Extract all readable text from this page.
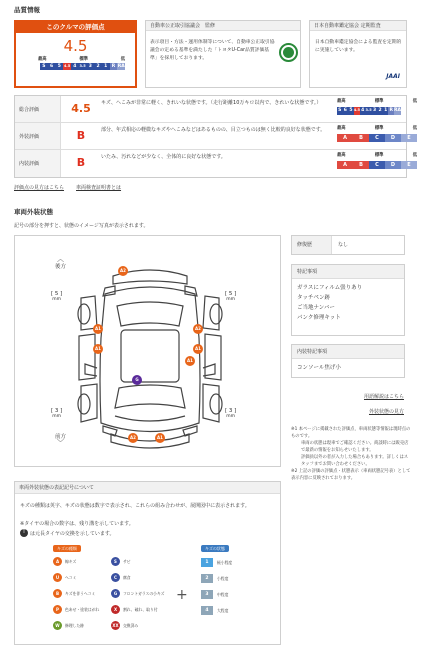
品質情報
このクルマの評価点
4.5
最高	標準	低
S	6	5 4.5 4 3.5 3	2	1 R RA
自動車公正取引協議会　監修
表示項目・方法・運用体制等について、自動車公正取引協議会の定める基準を満たした「トヨタU-Car品質評価基準」を採用しております。
日本自動車鑑定協会 定期監査
日本自動車鑑定協会による監査を定期的に実施しています。
JAAI
総合評価	4.5	キズ、へこみが非常に軽く、きれいな状態です。（走行距離10万キロ以内で、きれいな状態です。）	最高	標準	低
S 6 5 4.5 4 3.5 3 2 1 R RA
外装評価	B	部分、年式相応の軽微なキズやへこみなどはあるものの、目立つものは無く比較的良好な状態です。	最高	標準	低
A	B	C	D	E
内装評価	B	いたみ、汚れなどが少なく、全体的に良好な状態です。	最高	標準	低
A	B	C	D	E
評価点の見方はこちら 車両検査証明書とは
車両外装状態
記号の部分を押すと、状態のイメージ写真が表示されます。
︿
後方
前方
﹀
[ 5 ]
mm
[ 5 ]
mm
[ 3 ]
mm
[ 3 ]
mm
A2
A1
A1
A2
A1
A1
G
A2	A1
修復歴	なし
特記事項
ガラスにフィルム張りあり
タッチペン跡
ご当地ナンバー
パンク修理キット
内装特記事項
コンソール焦げ小
用語解説はこちら
外装状態の見方
※1 本ページに掲載された評価点、車両状態等情報は現時点のものです。
車両の状態は現車でご確認ください。商談時には販売店で最新の情報をお知らせいたします。
評価員以外の者が入力した場合もあります。詳しくはスタッフまでお問い合わせください。
※2 上記の評価の評価点・状態表示（車両状態記号表）として表示内容に反映されております。
車両外装状態の表記記号について
キズの種類は英字、キズの状態は数字で表示され、これらの組み合わせが、展開図中に表示されます。
※タイヤの場合の数字は、残り溝を示しています。
T は元長タイヤの交換を示しています。
キズの種類	キズの状態
A	線キズ	S	サビ
U	へコミ	C	腐食
B	キズを伴うヘコミ	G	フロントガラスの小キズ
P	色あせ・塗装はがれ	X	割れ、破れ、取り付
W	修理した跡	XX	交換済み
+
1	極小程度
2	小程度
3	中程度
4	大程度
